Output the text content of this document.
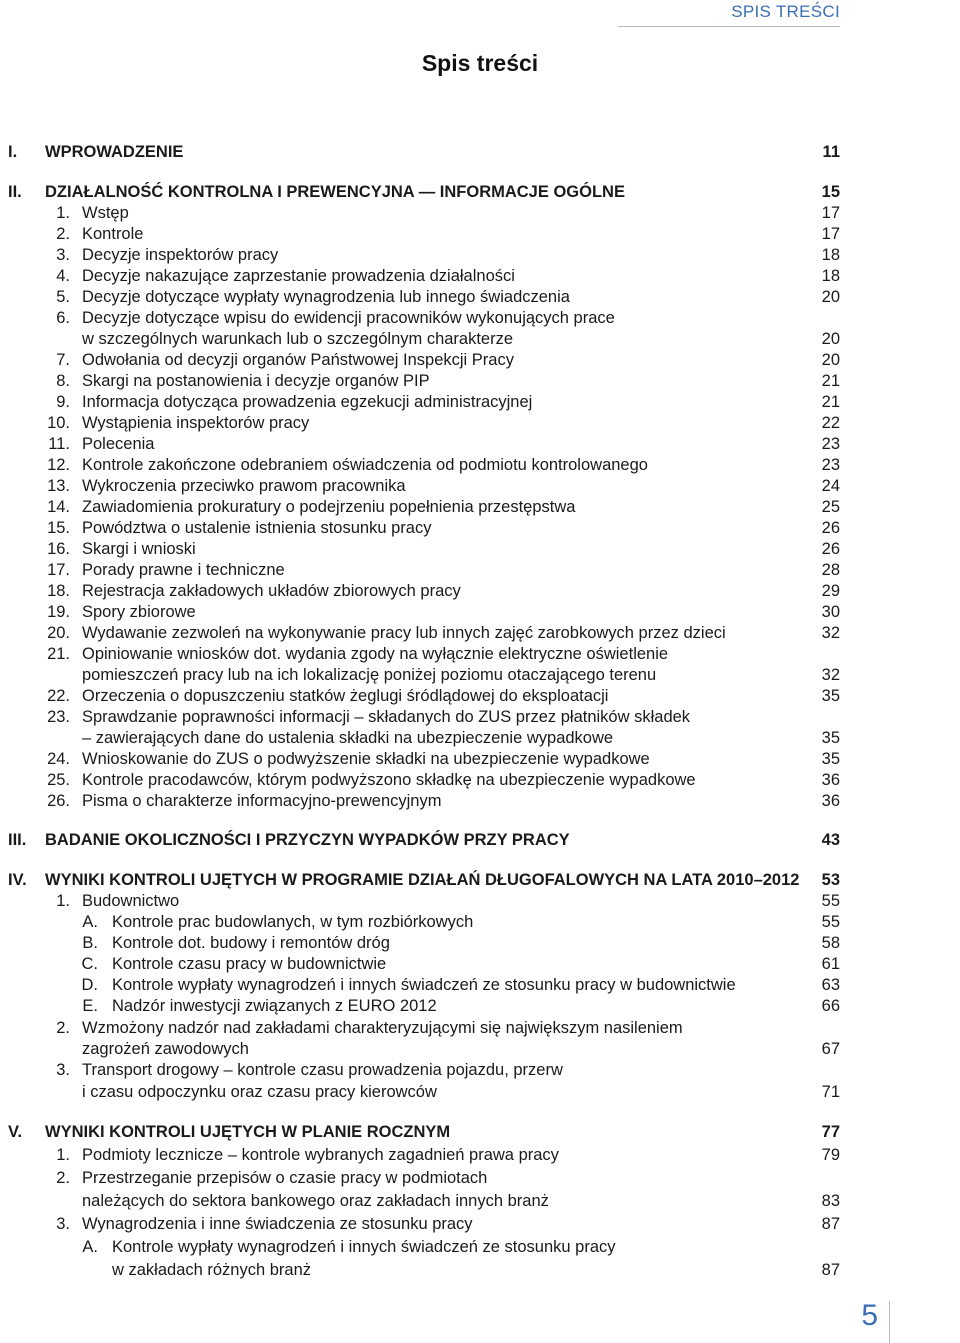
SPIS TREŚCI
Spis treści
I. WPROWADZENIE	11
II. DZIAŁALNOŚĆ KONTROLNA I PREWENCYJNA — INFORMACJE OGÓLNE	15
1. Wstęp	17
2. Kontrole	17
3. Decyzje inspektorów pracy	18
4. Decyzje nakazujące zaprzestanie prowadzenia działalności	18
5. Decyzje dotyczące wypłaty wynagrodzenia lub innego świadczenia	20
6. Decyzje dotyczące wpisu do ewidencji pracowników wykonujących prace
w szczególnych warunkach lub o szczególnym charakterze	20
7. Odwołania od decyzji organów Państwowej Inspekcji Pracy	20
8. Skargi na postanowienia i decyzje organów PIP	21
9. Informacja dotycząca prowadzenia egzekucji administracyjnej	21
10. Wystąpienia inspektorów pracy	22
11. Polecenia	23
12. Kontrole zakończone odebraniem oświadczenia od podmiotu kontrolowanego	23
13. Wykroczenia przeciwko prawom pracownika	24
14. Zawiadomienia prokuratury o podejrzeniu popełnienia przestępstwa	25
15. Powództwa o ustalenie istnienia stosunku pracy	26
16. Skargi i wnioski	26
17. Porady prawne i techniczne	28
18. Rejestracja zakładowych układów zbiorowych pracy	29
19. Spory zbiorowe	30
20. Wydawanie zezwoleń na wykonywanie pracy lub innych zajęć zarobkowych przez dzieci	32
21. Opiniowanie wniosków dot. wydania zgody na wyłącznie elektryczne oświetlenie
pomieszczeń pracy lub na ich lokalizację poniżej poziomu otaczającego terenu	32
22. Orzeczenia o dopuszczeniu statków żeglugi śródlądowej do eksploatacji	35
23. Sprawdzanie poprawności informacji – składanych do ZUS przez płatników składek
– zawierających dane do ustalenia składki na ubezpieczenie wypadkowe	35
24. Wnioskowanie do ZUS o podwyższenie składki na ubezpieczenie wypadkowe	35
25. Kontrole pracodawców, którym podwyższono składkę na ubezpieczenie wypadkowe	36
26. Pisma o charakterze informacyjno-prewencyjnym	36
III. BADANIE OKOLICZNOŚCI I PRZYCZYN WYPADKÓW PRZY PRACY	43
IV. WYNIKI KONTROLI UJĘTYCH W PROGRAMIE DZIAŁAŃ DŁUGOFALOWYCH NA LATA 2010–2012 53
1. Budownictwo	55
A. Kontrole prac budowlanych, w tym rozbiórkowych	55
B. Kontrole dot. budowy i remontów dróg	58
C. Kontrole czasu pracy w budownictwie	61
D. Kontrole wypłaty wynagrodzeń i innych świadczeń ze stosunku pracy w budownictwie	63
E. Nadzór inwestycji związanych z EURO 2012	66
2. Wzmożony nadzór nad zakładami charakteryzującymi się największym nasileniem
zagrożeń zawodowych	67
3. Transport drogowy – kontrole czasu prowadzenia pojazdu, przerw
i czasu odpoczynku oraz czasu pracy kierowców	71
V. WYNIKI KONTROLI UJĘTYCH W PLANIE ROCZNYM	77
1. Podmioty lecznicze – kontrole wybranych zagadnień prawa pracy	79
2. Przestrzeganie przepisów o czasie pracy w podmiotach
należących do sektora bankowego oraz zakładach innych branż	83
3. Wynagrodzenia i inne świadczenia ze stosunku pracy	87
A. Kontrole wypłaty wynagrodzeń i innych świadczeń ze stosunku pracy
w zakładach różnych branż	87
5
